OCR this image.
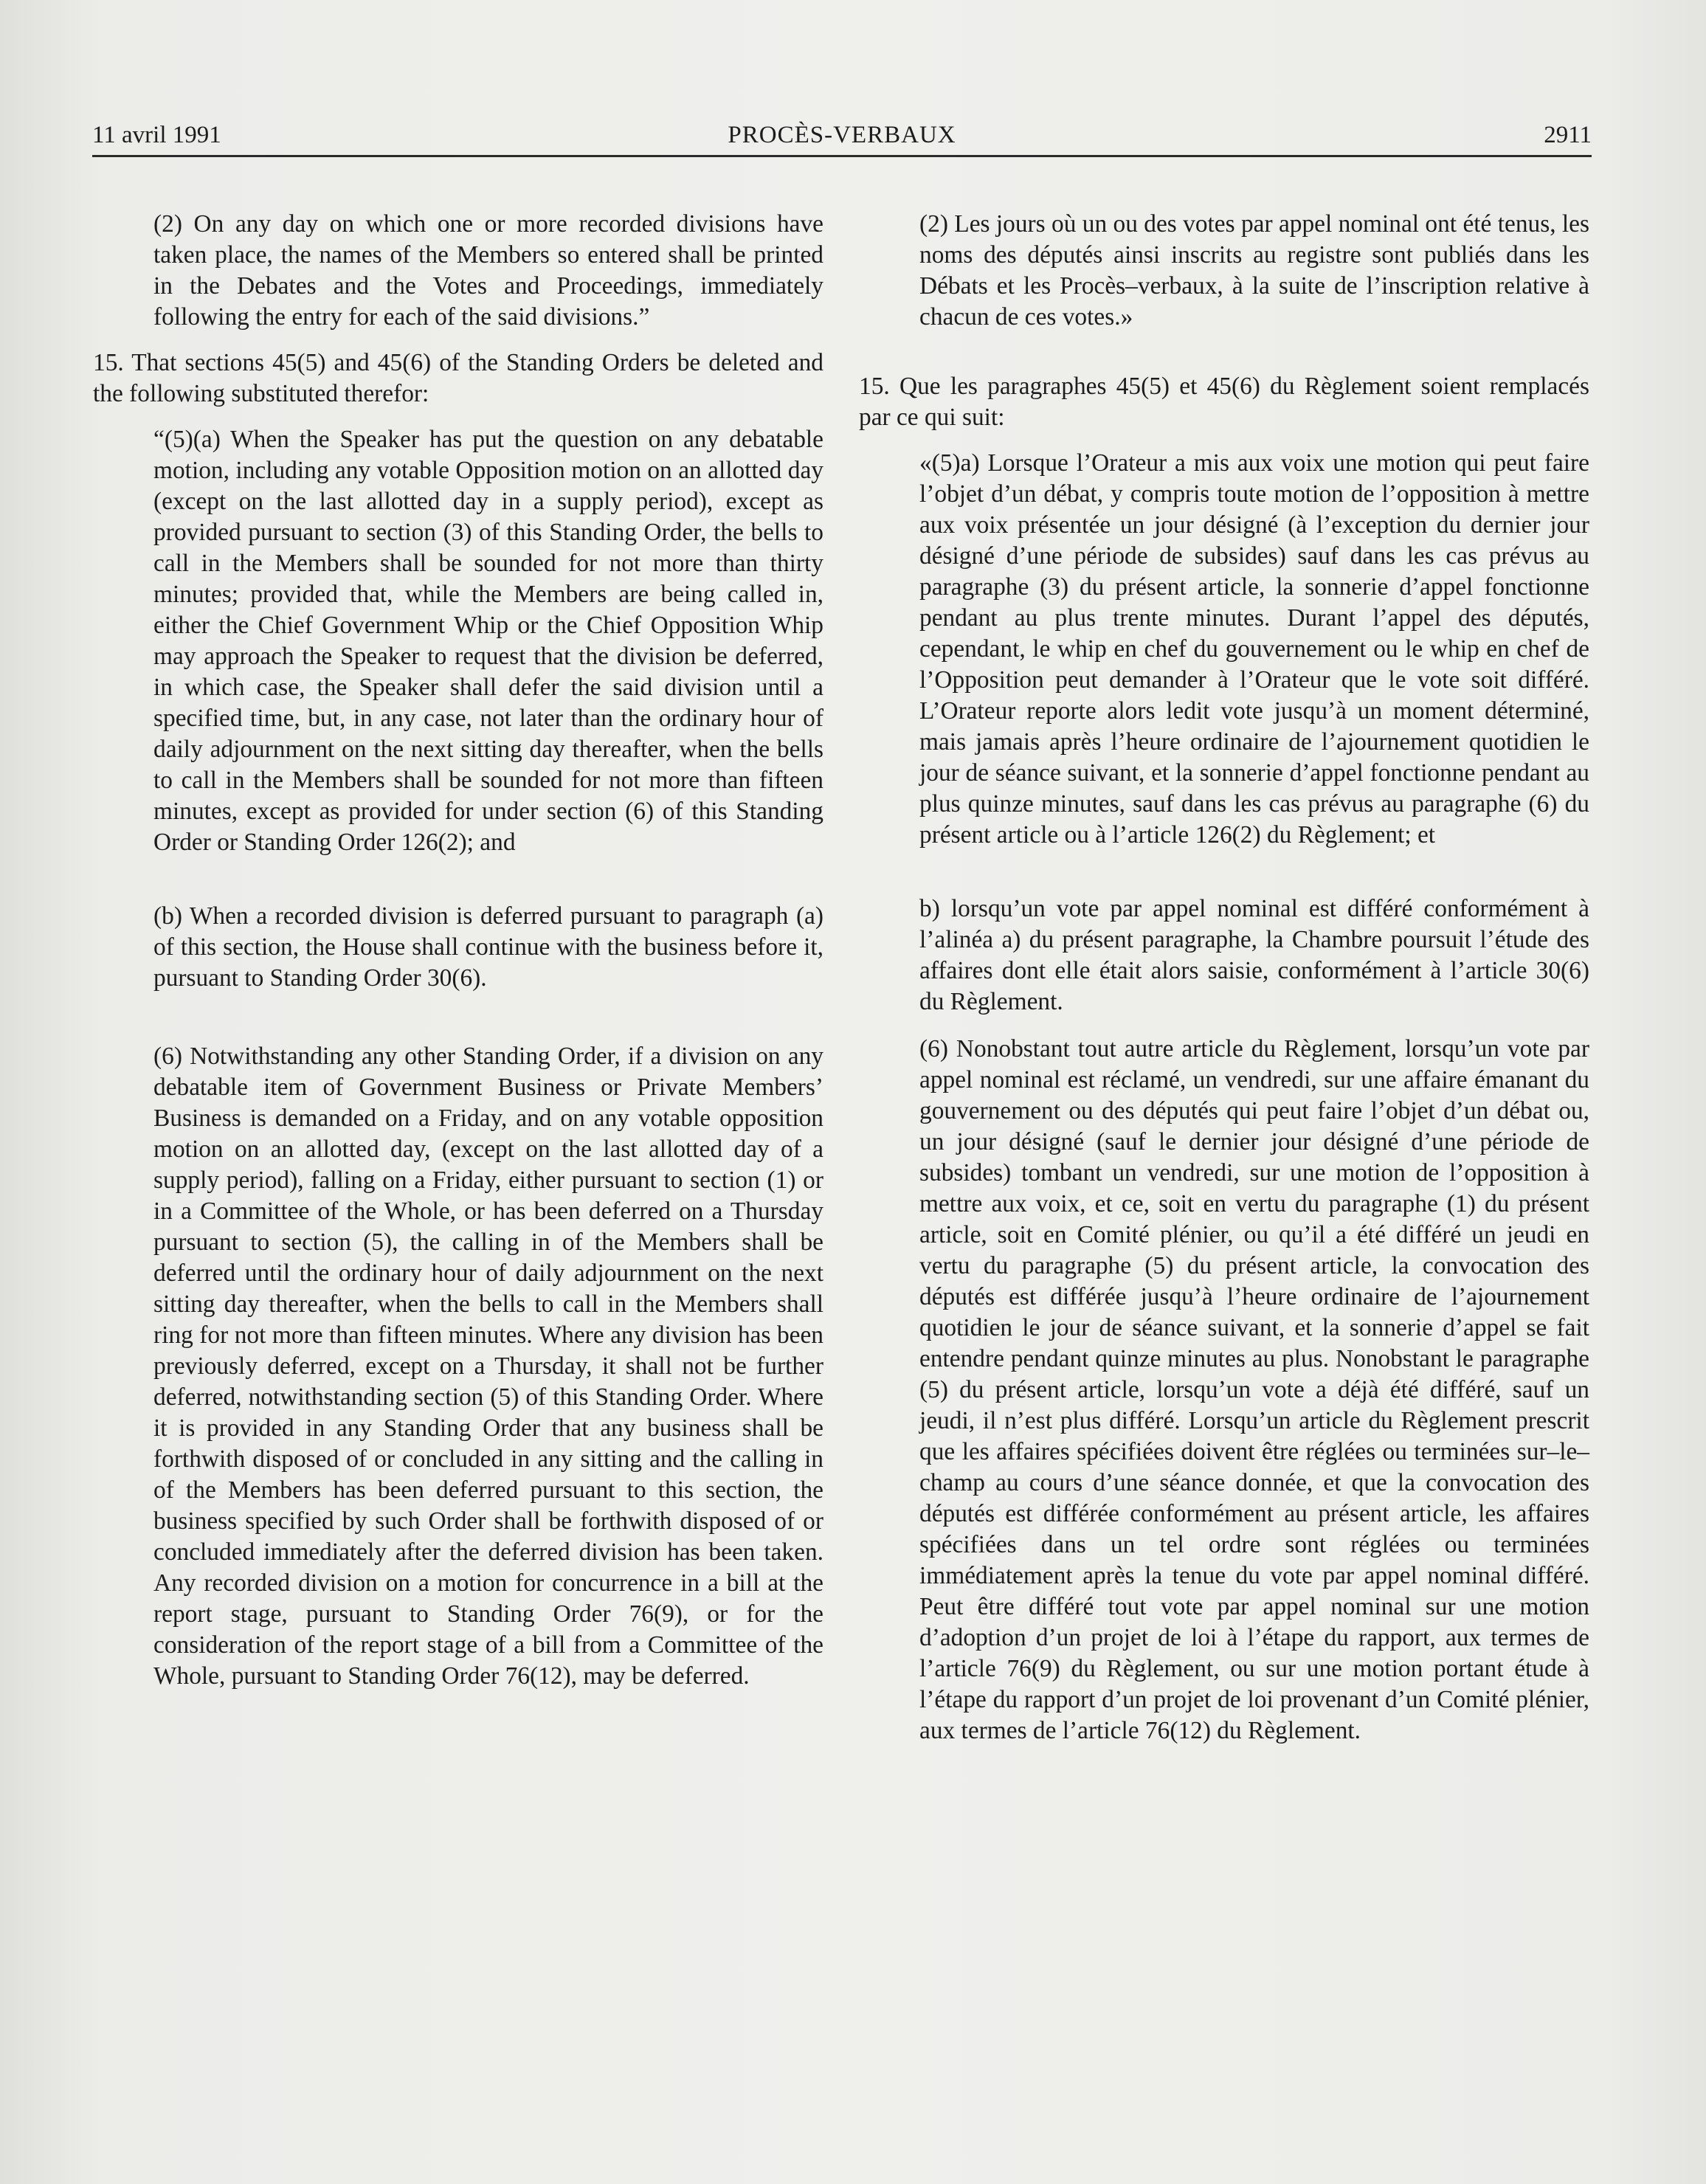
11 avril 1991	PROCÈS-VERBAUX	2911

(2) On any day on which one or more recorded divisions have taken place, the names of the Members so entered shall be printed in the Debates and the Votes and Proceedings, immediately following the entry for each of the said divisions.”

15. That sections 45(5) and 45(6) of the Standing Orders be deleted and the following substituted therefor:

“(5)(a) When the Speaker has put the question on any debatable motion, including any votable Opposition motion on an allotted day (except on the last allotted day in a supply period), except as provided pursuant to section (3) of this Standing Order, the bells to call in the Members shall be sounded for not more than thirty minutes; provided that, while the Members are being called in, either the Chief Government Whip or the Chief Opposition Whip may approach the Speaker to request that the division be deferred, in which case, the Speaker shall defer the said division until a specified time, but, in any case, not later than the ordinary hour of daily adjournment on the next sitting day thereafter, when the bells to call in the Members shall be sounded for not more than fifteen minutes, except as provided for under section (6) of this Standing Order or Standing Order 126(2); and

(b) When a recorded division is deferred pursuant to paragraph (a) of this section, the House shall continue with the business before it, pursuant to Standing Order 30(6).

(6) Notwithstanding any other Standing Order, if a division on any debatable item of Government Business or Private Members’ Business is demanded on a Friday, and on any votable opposition motion on an allotted day, (except on the last allotted day of a supply period), falling on a Friday, either pursuant to section (1) or in a Committee of the Whole, or has been deferred on a Thursday pursuant to section (5), the calling in of the Members shall be deferred until the ordinary hour of daily adjournment on the next sitting day thereafter, when the bells to call in the Members shall ring for not more than fifteen minutes. Where any division has been previously deferred, except on a Thursday, it shall not be further deferred, notwithstanding section (5) of this Standing Order. Where it is provided in any Standing Order that any business shall be forthwith disposed of or concluded in any sitting and the calling in of the Members has been deferred pursuant to this section, the business specified by such Order shall be forthwith disposed of or concluded immediately after the deferred division has been taken. Any recorded division on a motion for concurrence in a bill at the report stage, pursuant to Standing Order 76(9), or for the consideration of the report stage of a bill from a Committee of the Whole, pursuant to Standing Order 76(12), may be deferred.

(2) Les jours où un ou des votes par appel nominal ont été tenus, les noms des députés ainsi inscrits au registre sont publiés dans les Débats et les Procès–verbaux, à la suite de l’inscription relative à chacun de ces votes.»

15. Que les paragraphes 45(5) et 45(6) du Règlement soient remplacés par ce qui suit:

«(5)a) Lorsque l’Orateur a mis aux voix une motion qui peut faire l’objet d’un débat, y compris toute motion de l’opposition à mettre aux voix présentée un jour désigné (à l’exception du dernier jour désigné d’une période de subsides) sauf dans les cas prévus au paragraphe (3) du présent article, la sonnerie d’appel fonctionne pendant au plus trente minutes. Durant l’appel des députés, cependant, le whip en chef du gouvernement ou le whip en chef de l’Opposition peut demander à l’Orateur que le vote soit différé. L’Orateur reporte alors ledit vote jusqu’à un moment déterminé, mais jamais après l’heure ordinaire de l’ajournement quotidien le jour de séance suivant, et la sonnerie d’appel fonctionne pendant au plus quinze minutes, sauf dans les cas prévus au paragraphe (6) du présent article ou à l’article 126(2) du Règlement; et

b) lorsqu’un vote par appel nominal est différé conformément à l’alinéa a) du présent paragraphe, la Chambre poursuit l’étude des affaires dont elle était alors saisie, conformément à l’article 30(6) du Règlement.

(6) Nonobstant tout autre article du Règlement, lorsqu’un vote par appel nominal est réclamé, un vendredi, sur une affaire émanant du gouvernement ou des députés qui peut faire l’objet d’un débat ou, un jour désigné (sauf le dernier jour désigné d’une période de subsides) tombant un vendredi, sur une motion de l’opposition à mettre aux voix, et ce, soit en vertu du paragraphe (1) du présent article, soit en Comité plénier, ou qu’il a été différé un jeudi en vertu du paragraphe (5) du présent article, la convocation des députés est différée jusqu’à l’heure ordinaire de l’ajournement quotidien le jour de séance suivant, et la sonnerie d’appel se fait entendre pendant quinze minutes au plus. Nonobstant le paragraphe (5) du présent article, lorsqu’un vote a déjà été différé, sauf un jeudi, il n’est plus différé. Lorsqu’un article du Règlement prescrit que les affaires spécifiées doivent être réglées ou terminées sur–le–champ au cours d’une séance donnée, et que la convocation des députés est différée conformément au présent article, les affaires spécifiées dans un tel ordre sont réglées ou terminées immédiatement après la tenue du vote par appel nominal différé. Peut être différé tout vote par appel nominal sur une motion d’adoption d’un projet de loi à l’étape du rapport, aux termes de l’article 76(9) du Règlement, ou sur une motion portant étude à l’étape du rapport d’un projet de loi provenant d’un Comité plénier, aux termes de l’article 76(12) du Règlement.
